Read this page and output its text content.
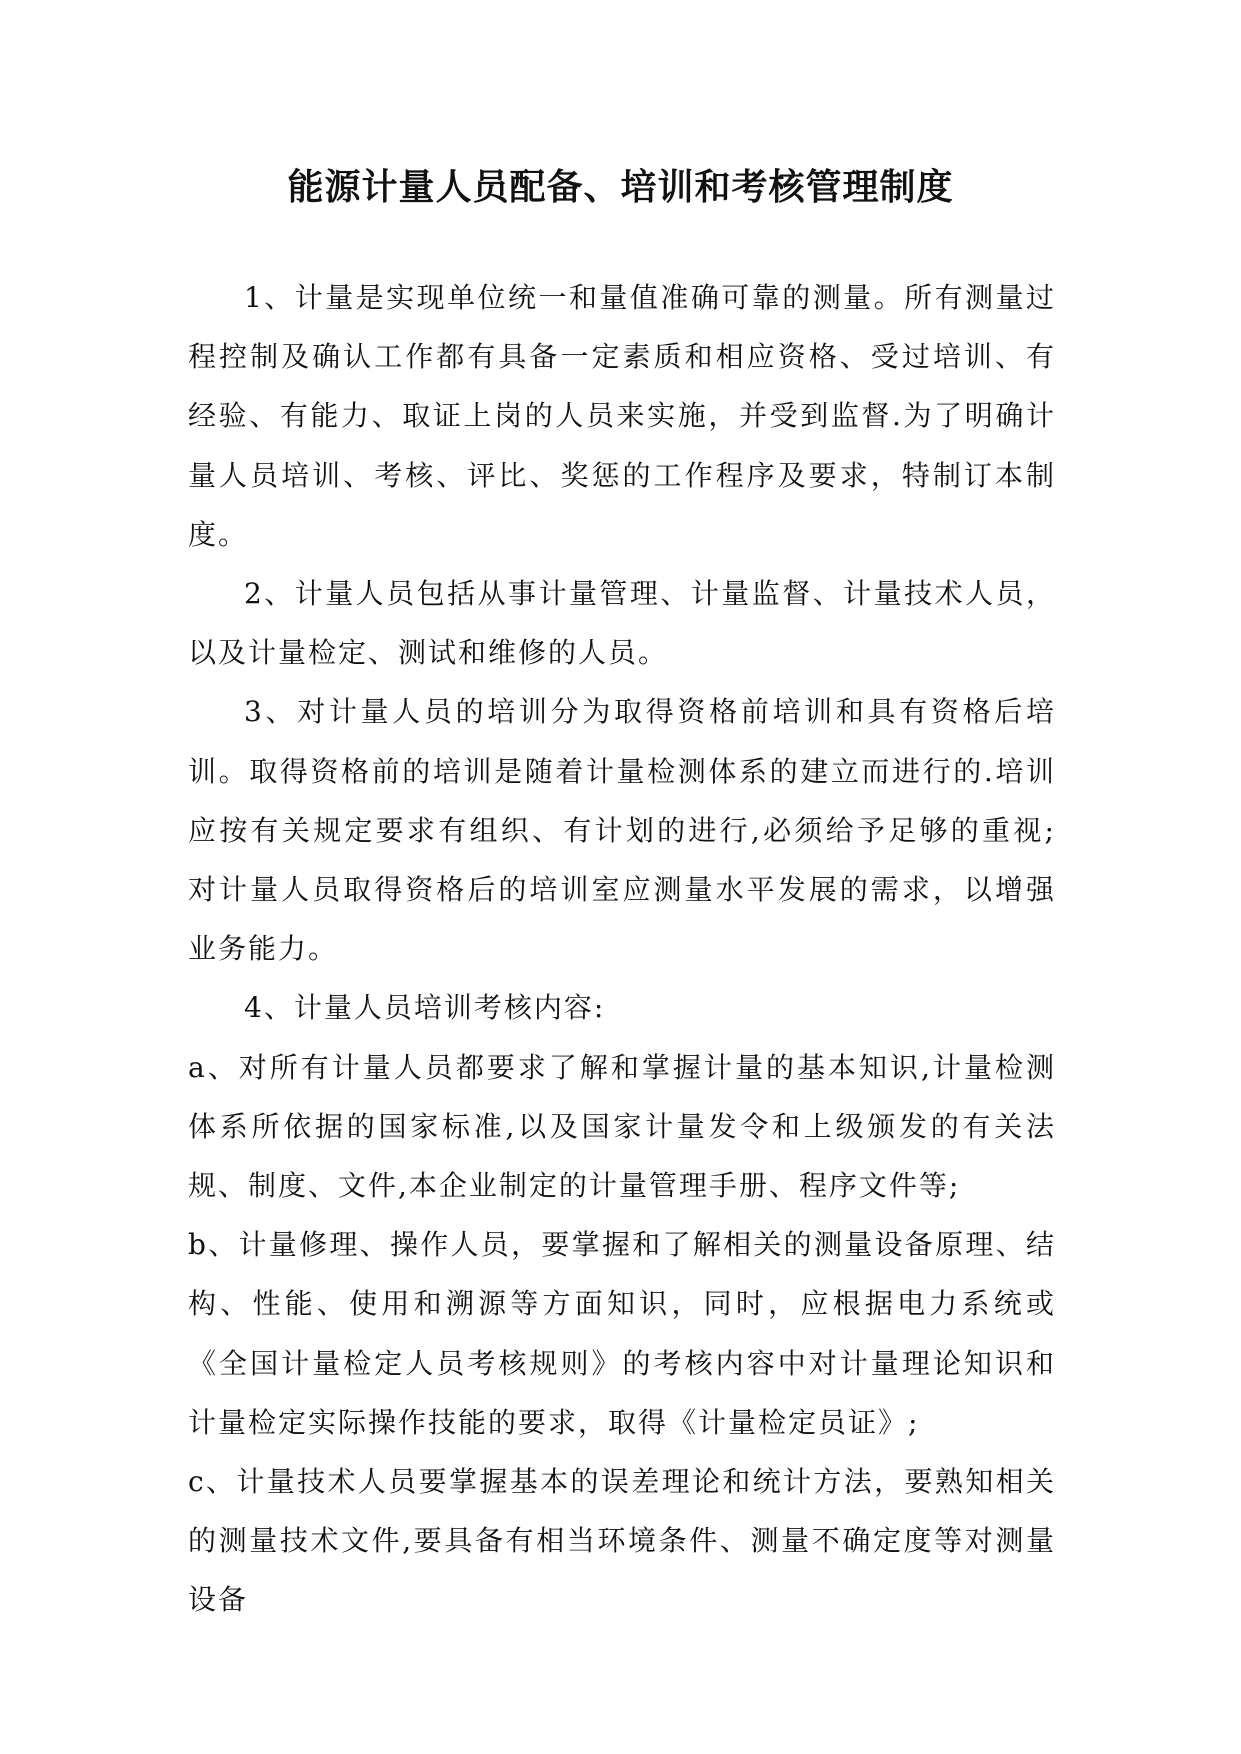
能源计量人员配备、培训和考核管理制度

1、计量是实现单位统一和量值准确可靠的测量。所有测量过程控制及确认工作都有具备一定素质和相应资格、受过培训、有经验、有能力、取证上岗的人员来实施，并受到监督.为了明确计量人员培训、考核、评比、奖惩的工作程序及要求，特制订本制度。

2、计量人员包括从事计量管理、计量监督、计量技术人员，以及计量检定、测试和维修的人员。

3、对计量人员的培训分为取得资格前培训和具有资格后培训。取得资格前的培训是随着计量检测体系的建立而进行的.培训应按有关规定要求有组织、有计划的进行,必须给予足够的重视; 对计量人员取得资格后的培训室应测量水平发展的需求，以增强业务能力。

4、计量人员培训考核内容:

a、对所有计量人员都要求了解和掌握计量的基本知识,计量检测体系所依据的国家标准,以及国家计量发令和上级颁发的有关法规、制度、文件,本企业制定的计量管理手册、程序文件等;

b、计量修理、操作人员，要掌握和了解相关的测量设备原理、结构、性能、使用和溯源等方面知识，同时，应根据电力系统或《全国计量检定人员考核规则》的考核内容中对计量理论知识和计量检定实际操作技能的要求，取得《计量检定员证》;

c、计量技术人员要掌握基本的误差理论和统计方法，要熟知相关的测量技术文件,要具备有相当环境条件、测量不确定度等对测量设备
